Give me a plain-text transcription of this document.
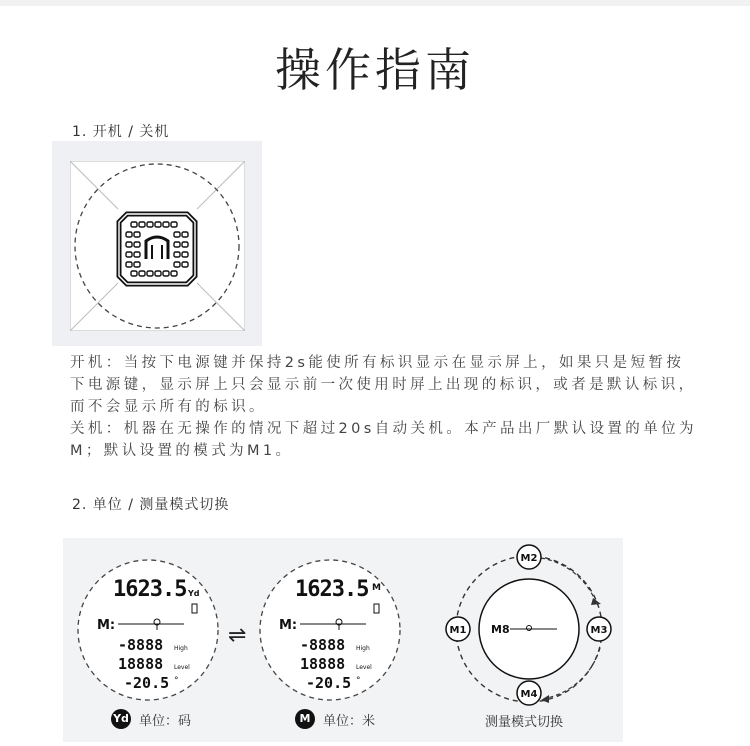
操作指南
1. 开机 / 关机

开机：当按下电源键并保持2s能使所有标识显示在显示屏上，如果只是短暂按下电源键，显示屏上只会显示前一次使用时屏上出现的标识，或者是默认标识，而不会显示所有的标识。

关机：机器在无操作的情况下超过20s自动关机。本产品出厂默认设置的单位为M；默认设置的模式为M1。

2. 单位 / 测量模式切换
1623.5 Yd
M:
-8888 High
18888 Level
-20.5 °
⇌
1623.5 M
M:
-8888 High
18888 Level
-20.5 °
M8
M2
M1	M3
M4
Yd 单位：码	M 单位：米	测量模式切换
